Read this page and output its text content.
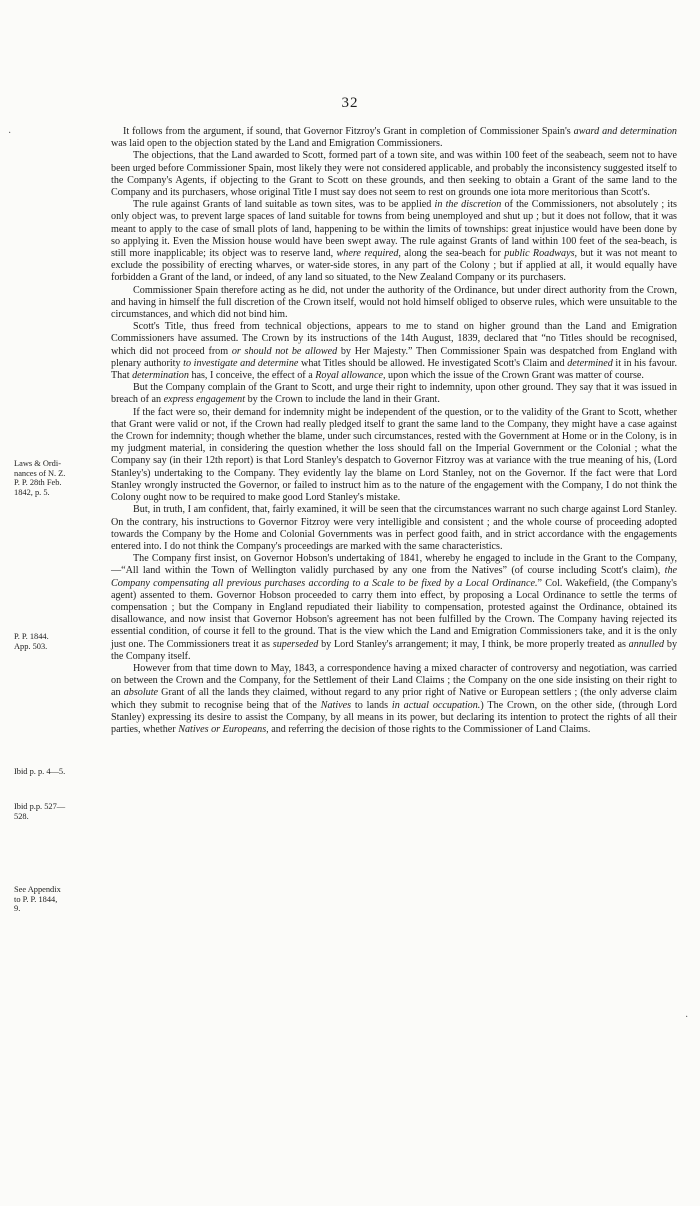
32
Laws & Ordi-
nances of N. Z.
P. P. 28th Feb.
1842, p. 5.
P. P. 1844.
App. 503.
Ibid p. p. 4—5.
Ibid p.p. 527—
528.
See Appendix
to P. P. 1844,
9.

It follows from the argument, if sound, that Governor Fitzroy's Grant in completion of Commissioner Spain's award and determination was laid open to the objection stated by the Land and Emigration Commissioners.

The objections, that the Land awarded to Scott, formed part of a town site, and was within 100 feet of the seabeach, seem not to have been urged before Commissioner Spain, most likely they were not considered applicable, and probably the inconsistency suggested itself to the Company's Agents, if objecting to the Grant to Scott on these grounds, and then seeking to obtain a Grant of the same land to the Company and its purchasers, whose original Title I must say does not seem to rest on grounds one iota more meritorious than Scott's.

The rule against Grants of land suitable as town sites, was to be applied in the discretion of the Commissioners, not absolutely ; its only object was, to prevent large spaces of land suitable for towns from being unemployed and shut up ; but it does not follow, that it was meant to apply to the case of small plots of land, happening to be within the limits of townships: great injustice would have been done by so applying it. Even the Mission house would have been swept away. The rule against Grants of land within 100 feet of the sea-beach, is still more inapplicable; its object was to reserve land, where required, along the sea-beach for public Roadways, but it was not meant to exclude the possibility of erecting wharves, or water-side stores, in any part of the Colony ; but if applied at all, it would equally have forbidden a Grant of the land, or indeed, of any land so situated, to the New Zealand Company or its purchasers.

Commissioner Spain therefore acting as he did, not under the authority of the Ordinance, but under direct authority from the Crown, and having in himself the full discretion of the Crown itself, would not hold himself obliged to observe rules, which were unsuitable to the circumstances, and which did not bind him.

Scott's Title, thus freed from technical objections, appears to me to stand on higher ground than the Land and Emigration Commissioners have assumed. The Crown by its instructions of the 14th August, 1839, declared that “no Titles should be recognised, which did not proceed from or should not be allowed by Her Majesty.” Then Commissioner Spain was despatched from England with plenary authority to investigate and determine what Titles should be allowed. He investigated Scott's Claim and determined it in his favour. That determination has, I conceive, the effect of a Royal allowance, upon which the issue of the Crown Grant was matter of course.

But the Company complain of the Grant to Scott, and urge their right to indemnity, upon other ground. They say that it was issued in breach of an express engagement by the Crown to include the land in their Grant.

If the fact were so, their demand for indemnity might be independent of the question, or to the validity of the Grant to Scott, whether that Grant were valid or not, if the Crown had really pledged itself to grant the same land to the Company, they might have a case against the Crown for indemnity; though whether the blame, under such circumstances, rested with the Government at Home or in the Colony, is in my judgment material, in considering the question whether the loss should fall on the Imperial Government or the Colonial ; what the Company say (in their 12th report) is that Lord Stanley's despatch to Governor Fitzroy was at variance with the true meaning of his, (Lord Stanley's) undertaking to the Company. They evidently lay the blame on Lord Stanley, not on the Governor. If the fact were that Lord Stanley wrongly instructed the Governor, or failed to instruct him as to the nature of the engagement with the Company, I do not think the Colony ought now to be required to make good Lord Stanley's mistake.

But, in truth, I am confident, that, fairly examined, it will be seen that the circumstances warrant no such charge against Lord Stanley. On the contrary, his instructions to Governor Fitzroy were very intelligible and consistent ; and the whole course of proceeding adopted towards the Company by the Home and Colonial Governments was in perfect good faith, and in strict accordance with the engagements entered into. I do not think the Company's proceedings are marked with the same characteristics.

The Company first insist, on Governor Hobson's undertaking of 1841, whereby he engaged to include in the Grant to the Company,—“All land within the Town of Wellington validly purchased by any one from the Natives” (of course including Scott's claim), the Company compensating all previous purchases according to a Scale to be fixed by a Local Ordinance.” Col. Wakefield, (the Company's agent) assented to them. Governor Hobson proceeded to carry them into effect, by proposing a Local Ordinance to settle the terms of compensation ; but the Company in England repudiated their liability to compensation, protested against the Ordinance, obtained its disallowance, and now insist that Governor Hobson's agreement has not been fulfilled by the Crown. The Company having rejected its essential condition, of course it fell to the ground. That is the view which the Land and Emigration Commissioners take, and it is the only just one. The Commissioners treat it as superseded by Lord Stanley's arrangement; it may, I think, be more properly treated as annulled by the Company itself.

However from that time down to May, 1843, a correspondence having a mixed character of controversy and negotiation, was carried on between the Crown and the Company, for the Settlement of their Land Claims ; the Company on the one side insisting on their right to an absolute Grant of all the lands they claimed, without regard to any prior right of Native or European settlers ; (the only adverse claim which they submit to recognise being that of the Natives to lands in actual occupation.) The Crown, on the other side, (through Lord Stanley) expressing its desire to assist the Company, by all means in its power, but declaring its intention to protect the rights of all their parties, whether Natives or Europeans, and referring the decision of those rights to the Commissioner of Land Claims.

·
·
